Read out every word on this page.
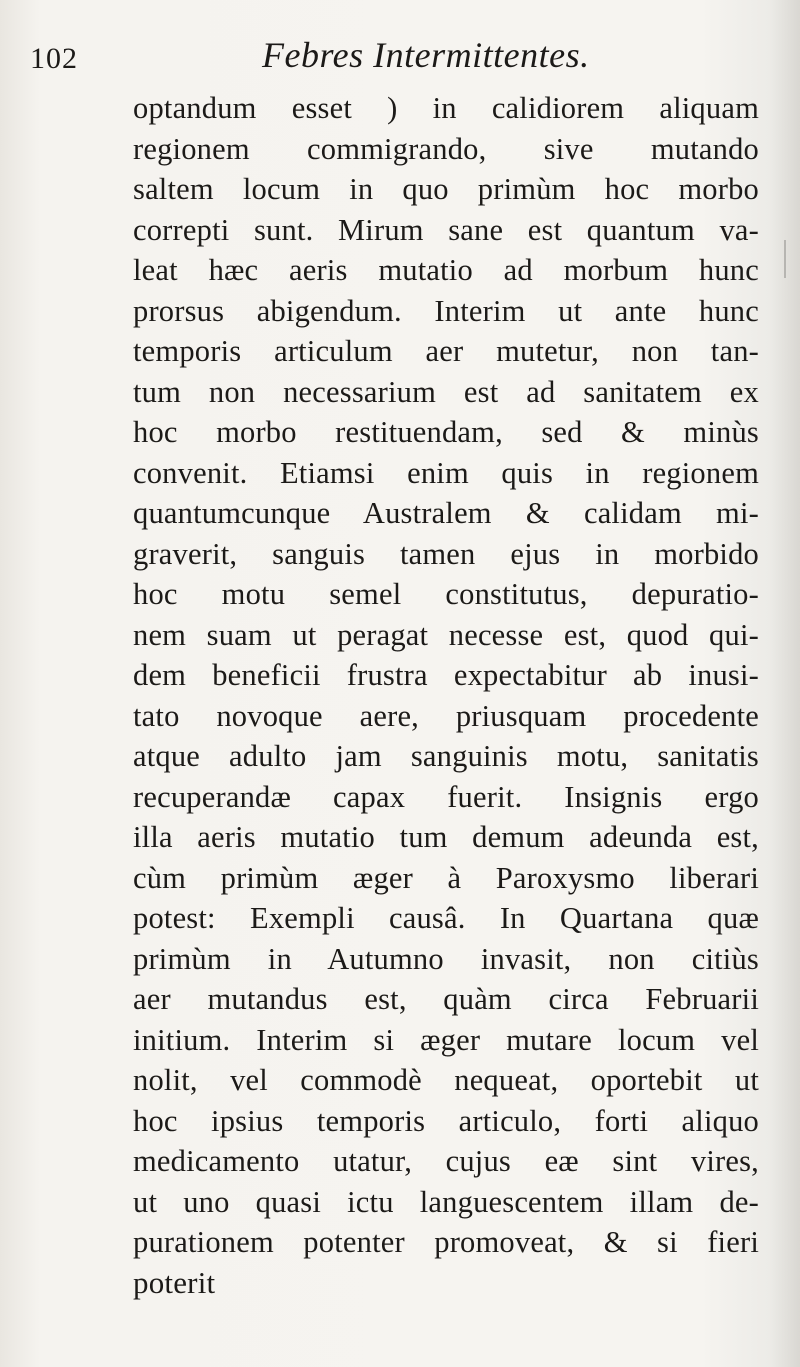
102	Febres Intermittentes.
optandum esset ) in calidiorem aliquam
regionem commigrando, sive mutando
saltem locum in quo primùm hoc morbo
correpti sunt. Mirum sane est quantum va-
leat hæc aeris mutatio ad morbum hunc
prorsus abigendum. Interim ut ante hunc
temporis articulum aer mutetur, non tan-
tum non necessarium est ad sanitatem ex
hoc morbo restituendam, sed & minùs
convenit. Etiamsi enim quis in regionem
quantumcunque Australem & calidam mi-
graverit, sanguis tamen ejus in morbido
hoc motu semel constitutus, depuratio-
nem suam ut peragat necesse est, quod qui-
dem beneficii frustra expectabitur ab inusi-
tato novoque aere, priusquam procedente
atque adulto jam sanguinis motu, sanitatis
recuperandæ capax fuerit. Insignis ergo
illa aeris mutatio tum demum adeunda est,
cùm primùm æger à Paroxysmo liberari
potest: Exempli causâ. In Quartana quæ
primùm in Autumno invasit, non citiùs
aer mutandus est, quàm circa Februarii
initium. Interim si æger mutare locum vel
nolit, vel commodè nequeat, oportebit ut
hoc ipsius temporis articulo, forti aliquo
medicamento utatur, cujus eæ sint vires,
ut uno quasi ictu languescentem illam de-
purationem potenter promoveat, & si fieri
poterit
